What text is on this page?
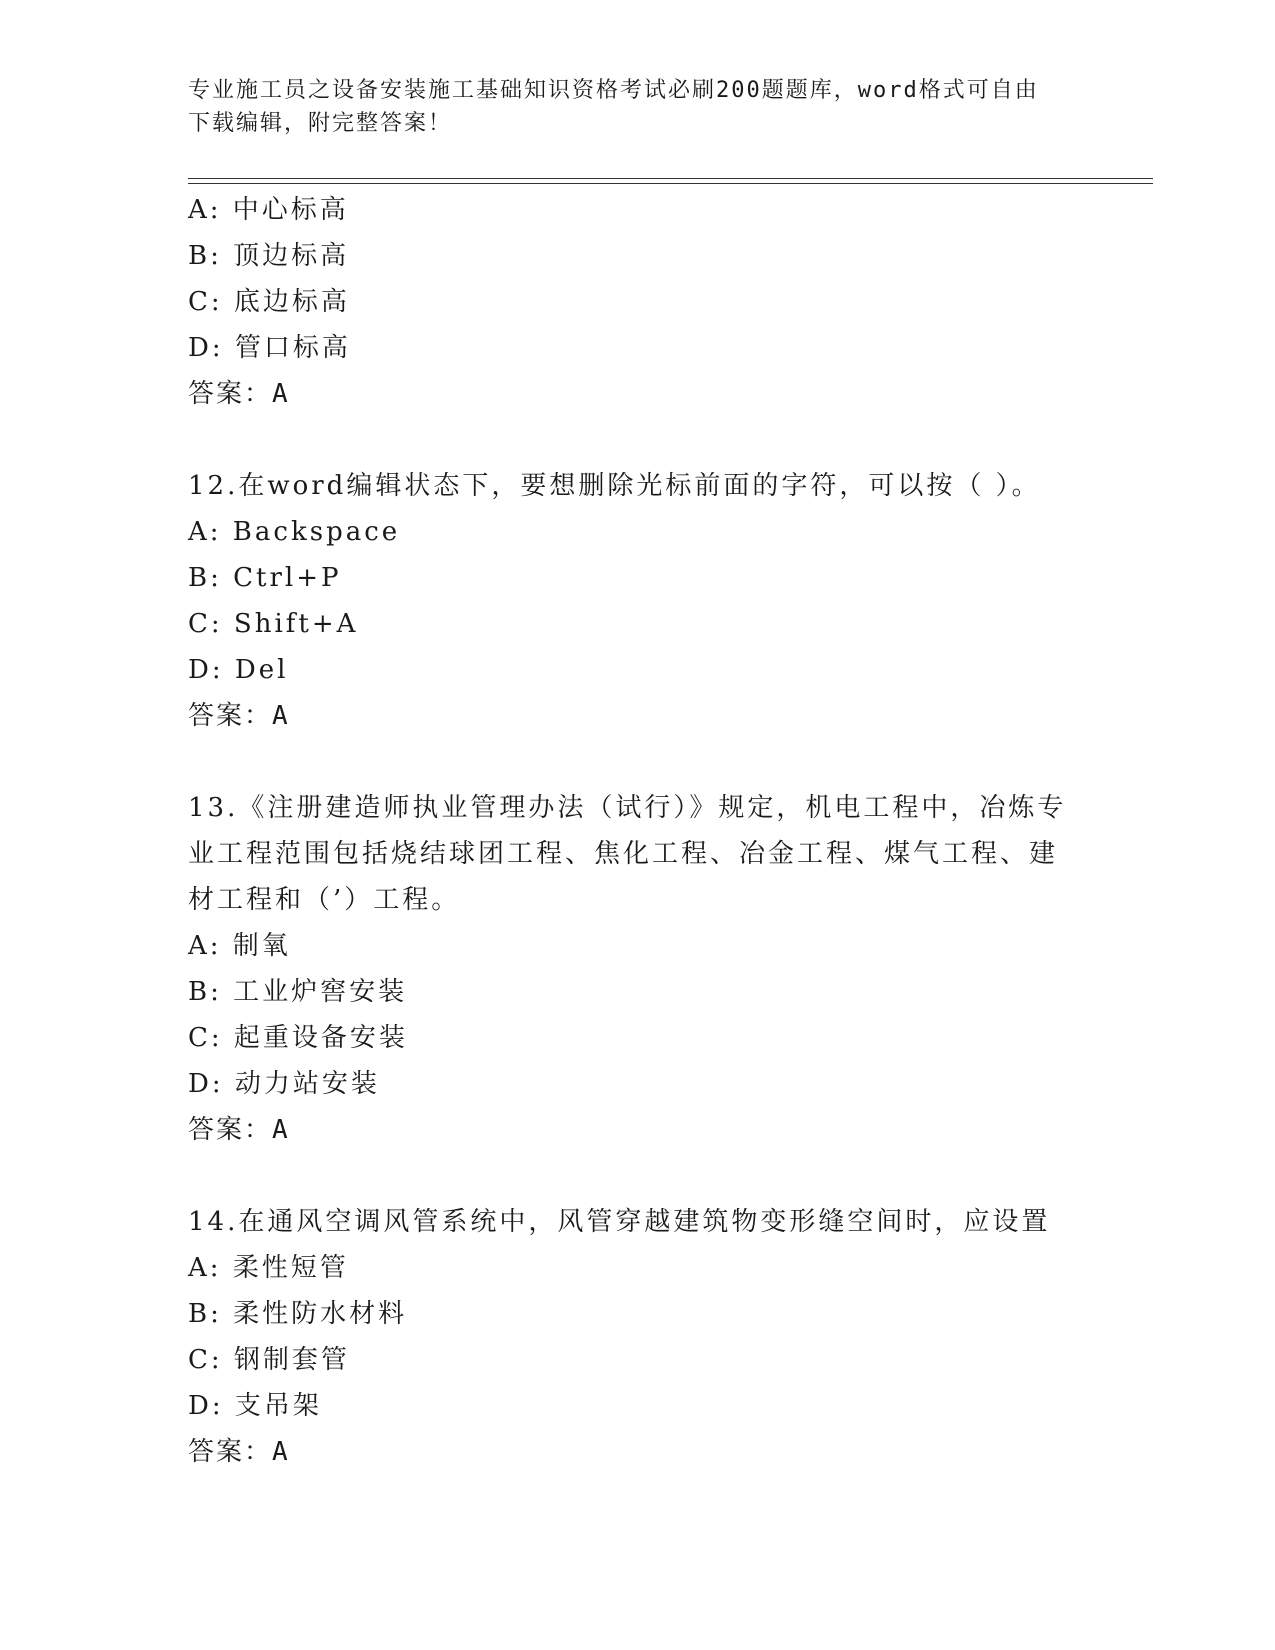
专业施工员之设备安装施工基础知识资格考试必刷200题题库，word格式可自由
下载编辑，附完整答案！
A: 中心标高
B: 顶边标高
C: 底边标高
D: 管口标高
答案：A
12.在word编辑状态下，要想删除光标前面的字符，可以按（ ）。
A: Backspace
B: Ctrl+P
C: Shift+A
D: Del
答案：A
13.《注册建造师执业管理办法（试行）》规定，机电工程中，冶炼专
业工程范围包括烧结球团工程、焦化工程、冶金工程、煤气工程、建
材工程和（’）工程。
A: 制氧
B: 工业炉窖安装
C: 起重设备安装
D: 动力站安装
答案：A
14.在通风空调风管系统中，风管穿越建筑物变形缝空间时，应设置
A: 柔性短管
B: 柔性防水材料
C: 钢制套管
D: 支吊架
答案：A
